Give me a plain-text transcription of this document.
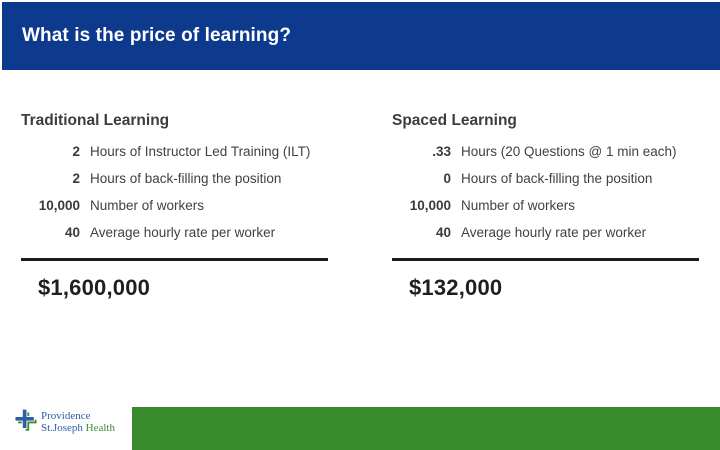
What is the price of learning?
Traditional Learning
2 Hours of Instructor Led Training (ILT)
2 Hours of back-filling the position
10,000 Number of workers
40 Average hourly rate per worker
$1,600,000
Spaced Learning
.33 Hours (20 Questions @ 1 min each)
0 Hours of back-filling the position
10,000 Number of workers
40 Average hourly rate per worker
$132,000
Providence
St.Joseph Health
